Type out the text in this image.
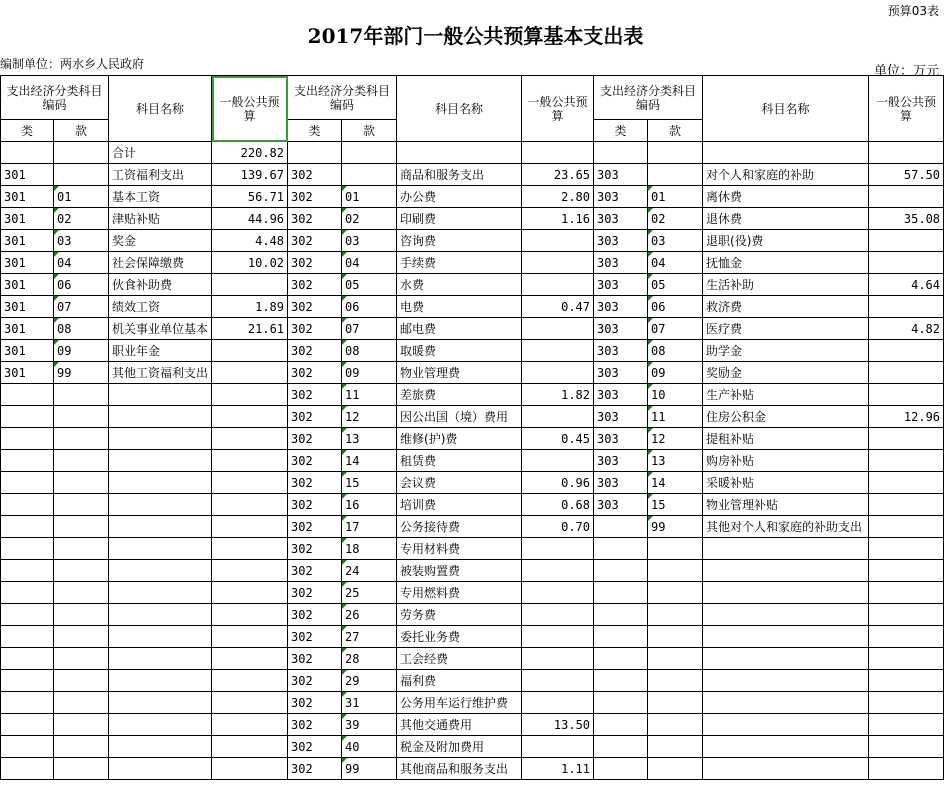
预算03表
2017年部门一般公共预算基本支出表
编制单位：两水乡人民政府	单位：万元
支出经济分类科目编码		科目名称	一般公共预算	支出经济分类科目编码		科目名称	一般公共预算	支出经济分类科目编码		科目名称	一般公共预算
类	款			类	款			类	款		
		合计	220.82								
301		工资福利支出	139.67	302		商品和服务支出	23.65	303		对个人和家庭的补助	57.50
301	01	基本工资	56.71	302	01	办公费	2.80	303	01	离休费	
301	02	津贴补贴	44.96	302	02	印刷费	1.16	303	02	退休费	35.08
301	03	奖金	4.48	302	03	咨询费		303	03	退职(役)费	
301	04	社会保障缴费	10.02	302	04	手续费		303	04	抚恤金	
301	06	伙食补助费		302	05	水费		303	05	生活补助	4.64
301	07	绩效工资	1.89	302	06	电费	0.47	303	06	救济费	
301	08	机关事业单位基本	21.61	302	07	邮电费		303	07	医疗费	4.82
301	09	职业年金		302	08	取暖费		303	08	助学金	
301	99	其他工资福利支出		302	09	物业管理费		303	09	奖励金	
				302	11	差旅费	1.82	303	10	生产补贴	
				302	12	因公出国（境）费用		303	11	住房公积金	12.96
				302	13	维修(护)费	0.45	303	12	提租补贴	
				302	14	租赁费		303	13	购房补贴	
				302	15	会议费	0.96	303	14	采暖补贴	
				302	16	培训费	0.68	303	15	物业管理补贴	
				302	17	公务接待费	0.70		99	其他对个人和家庭的补助支出	
				302	18	专用材料费					
				302	24	被装购置费					
				302	25	专用燃料费					
				302	26	劳务费					
				302	27	委托业务费					
				302	28	工会经费					
				302	29	福利费					
				302	31	公务用车运行维护费					
				302	39	其他交通费用	13.50				
				302	40	税金及附加费用					
				302	99	其他商品和服务支出	1.11				
